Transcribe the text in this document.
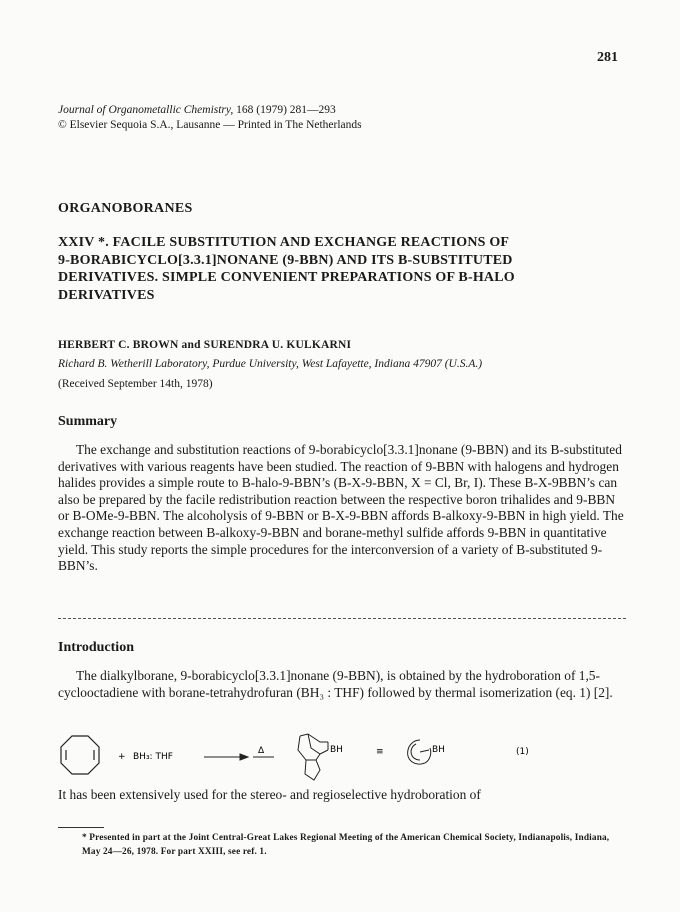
281
Journal of Organometallic Chemistry, 168 (1979) 281—293
© Elsevier Sequoia S.A., Lausanne — Printed in The Netherlands
ORGANOBORANES
XXIV *. FACILE SUBSTITUTION AND EXCHANGE REACTIONS OF
9-BORABICYCLO[3.3.1]NONANE (9-BBN) AND ITS B-SUBSTITUTED
DERIVATIVES. SIMPLE CONVENIENT PREPARATIONS OF B-HALO
DERIVATIVES
HERBERT C. BROWN and SURENDRA U. KULKARNI
Richard B. Wetherill Laboratory, Purdue University, West Lafayette, Indiana 47907 (U.S.A.)
(Received September 14th, 1978)
Summary
The exchange and substitution reactions of 9-borabicyclo[3.3.1]nonane (9-BBN) and its B-substituted derivatives with various reagents have been studied. The reaction of 9-BBN with halogens and hydrogen halides provides a simple route to B-halo-9-BBN’s (B-X-9-BBN, X = Cl, Br, I). These B-X-9BBN’s can also be prepared by the facile redistribution reaction between the respective boron trihalides and 9-BBN or B-OMe-9-BBN. The alcoholysis of 9-BBN or B-X-9-BBN affords B-alkoxy-9-BBN in high yield. The exchange reaction between B-alkoxy-9-BBN and borane-methyl sulfide affords 9-BBN in quantitative yield. This study reports the simple procedures for the interconversion of a variety of B-substituted 9-BBN’s.
Introduction
The dialkylborane, 9-borabicyclo[3.3.1]nonane (9-BBN), is obtained by the hydroboration of 1,5-cyclooctadiene with borane-tetrahydrofuran (BH₃ : THF) followed by thermal isomerization (eq. 1) [2].
+ BH₃: THF
Δ	BH	≡	BH	(1)
It has been extensively used for the stereo- and regioselective hydroboration of
* Presented in part at the Joint Central-Great Lakes Regional Meeting of the American Chemical Society, Indianapolis, Indiana, May 24—26, 1978. For part XXIII, see ref. 1.
